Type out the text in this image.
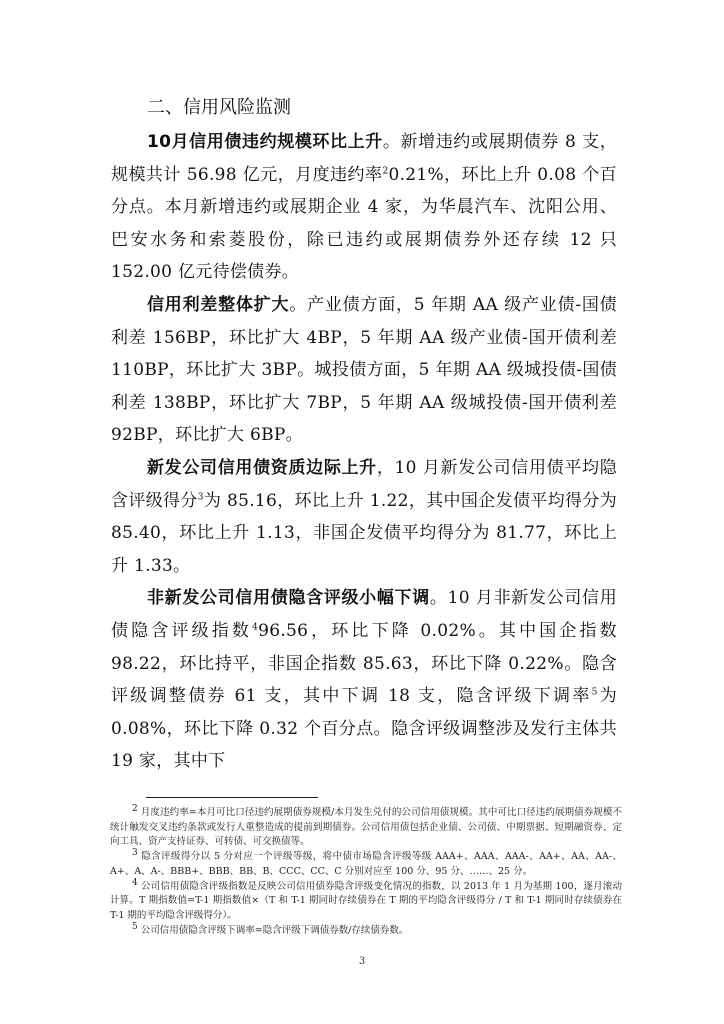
二、信用风险监测

10月信用债违约规模环比上升。新增违约或展期债券 8 支，规模共计 56.98 亿元，月度违约率$^2$0.21%，环比上升 0.08 个百分点。本月新增违约或展期企业 4 家，为华晨汽车、沈阳公用、巴安水务和索菱股份，除已违约或展期债券外还存续 12 只 152.00 亿元待偿债券。

信用利差整体扩大。产业债方面，5 年期 AA 级产业债-国债利差 156BP，环比扩大 4BP，5 年期 AA 级产业债-国开债利差 110BP，环比扩大 3BP。城投债方面，5 年期 AA 级城投债-国债利差 138BP，环比扩大 7BP，5 年期 AA 级城投债-国开债利差 92BP，环比扩大 6BP。

新发公司信用债资质边际上升，10 月新发公司信用债平均隐含评级得分$^3$为 85.16，环比上升 1.22，其中国企发债平均得分为 85.40，环比上升 1.13，非国企发债平均得分为 81.77，环比上升 1.33。

非新发公司信用债隐含评级小幅下调。10 月非新发公司信用债隐含评级指数$^4$96.56，环比下降 0.02%。其中国企指数 98.22，环比持平，非国企指数 85.63，环比下降 0.22%。隐含评级调整债券 61 支，其中下调 18 支，隐含评级下调率$^5$为 0.08%，环比下降 0.32 个百分点。隐含评级调整涉及发行主体共 19 家，其中下

$^2$ 月度违约率=本月可比口径违约展期债券规模/本月发生兑付的公司信用债规模。其中可比口径违约展期债券规模不统计触发交叉违约条款或发行人重整造成的提前到期债券。公司信用债包括企业债、公司债、中期票据、短期融资券、定向工具、资产支持证券、可转债、可交换债等。

$^3$ 隐含评级得分以 5 分对应一个评级等级，将中债市场隐含评级等级 AAA+、AAA、AAA-、AA+、AA、AA-、A+、A、A-、BBB+、BBB、BB、B、CCC、CC、C 分别对应至 100 分、95 分、……、25 分。

$^4$ 公司信用债隐含评级指数是反映公司信用债券隐含评级变化情况的指数，以 2013 年 1 月为基期 100，逐月滚动计算。T 期指数值=T-1 期指数值×（T 和 T-1 期同时存续债券在 T 期的平均隐含评级得分 / T 和 T-1 期同时存续债券在 T-1 期的平均隐含评级得分）。

$^5$ 公司信用债隐含评级下调率=隐含评级下调债券数/存续债券数。

3
